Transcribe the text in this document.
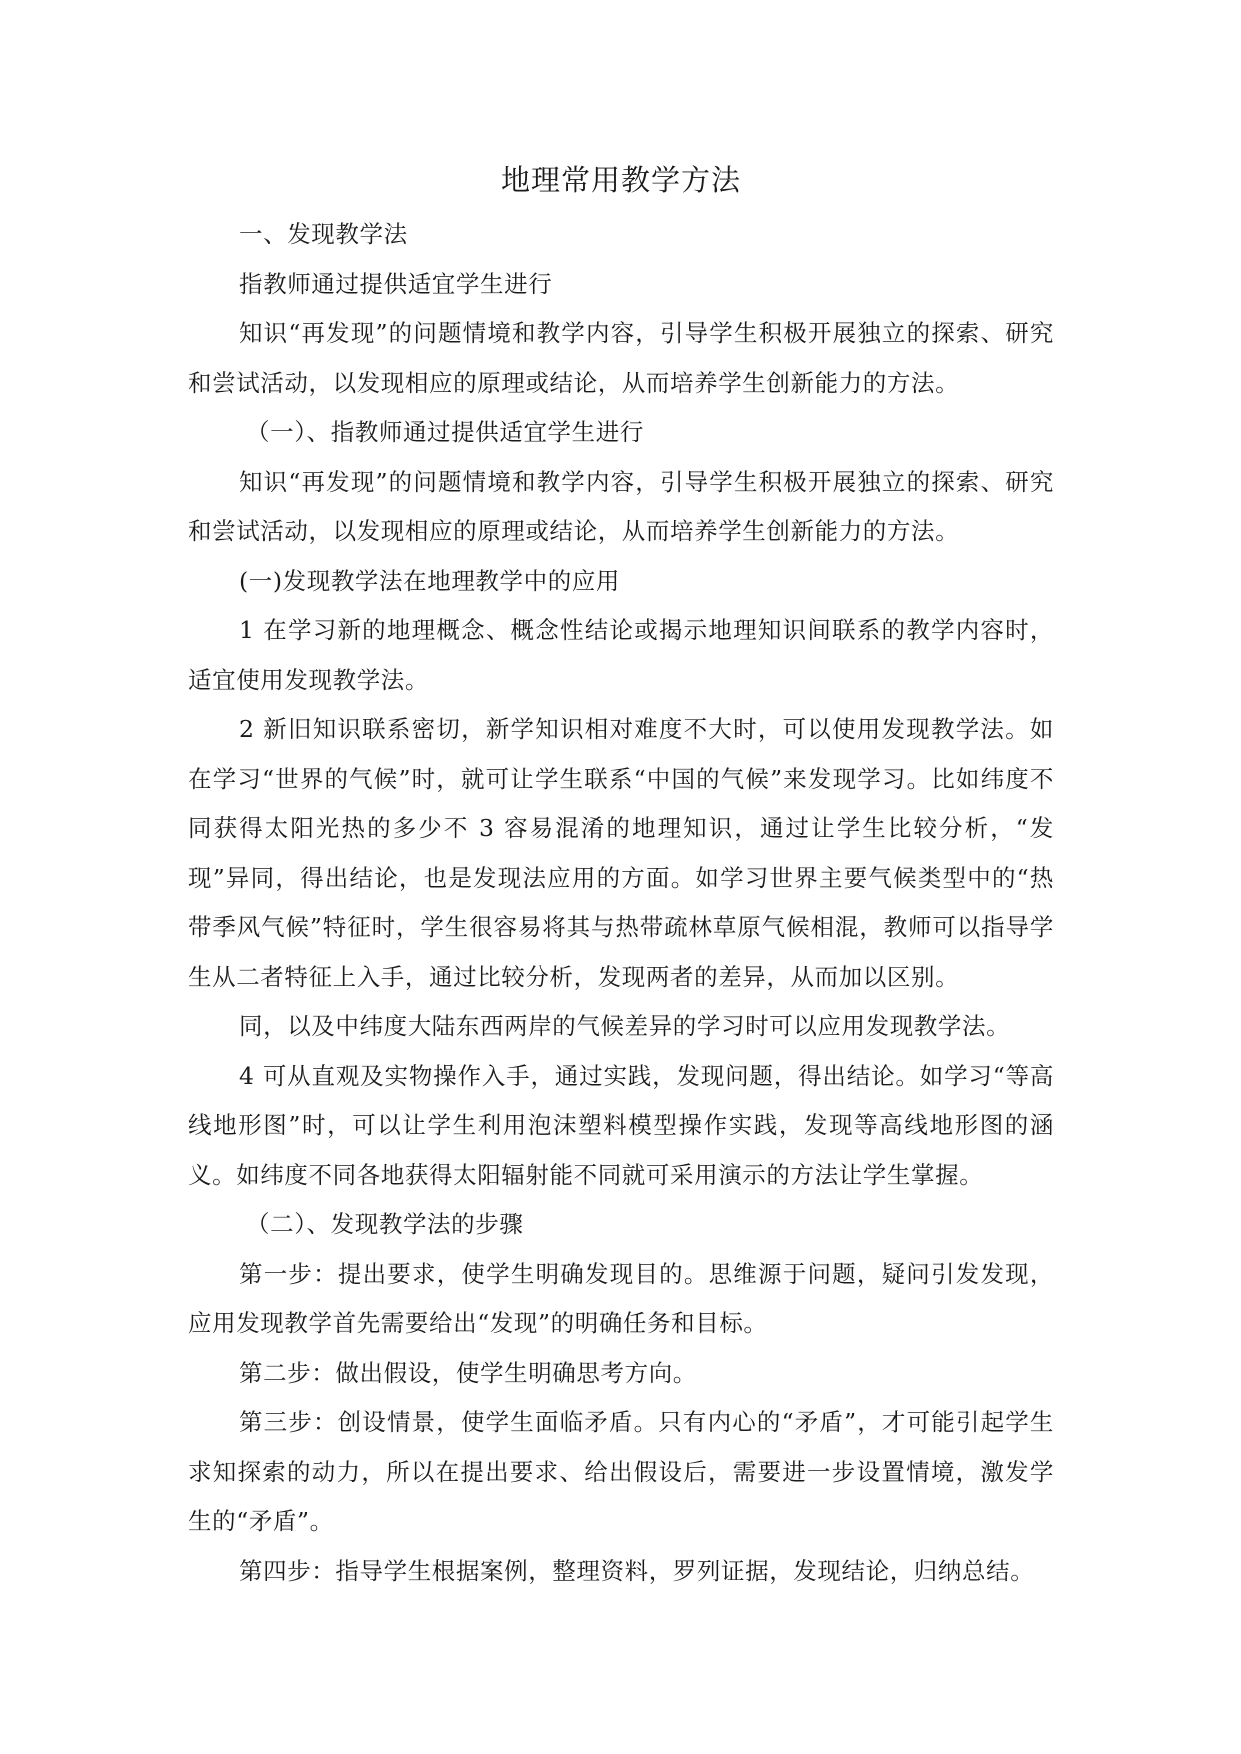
地理常用教学方法

一、发现教学法

指教师通过提供适宜学生进行

知识“再发现”的问题情境和教学内容，引导学生积极开展独立的探索、研究和尝试活动，以发现相应的原理或结论，从而培养学生创新能力的方法。

（一）、指教师通过提供适宜学生进行

知识“再发现”的问题情境和教学内容，引导学生积极开展独立的探索、研究和尝试活动，以发现相应的原理或结论，从而培养学生创新能力的方法。

(一)发现教学法在地理教学中的应用

1 在学习新的地理概念、概念性结论或揭示地理知识间联系的教学内容时，适宜使用发现教学法。

2 新旧知识联系密切，新学知识相对难度不大时，可以使用发现教学法。如在学习“世界的气候”时，就可让学生联系“中国的气候”来发现学习。比如纬度不同获得太阳光热的多少不 3 容易混淆的地理知识，通过让学生比较分析，“发现”异同，得出结论，也是发现法应用的方面。如学习世界主要气候类型中的“热带季风气候”特征时，学生很容易将其与热带疏林草原气候相混，教师可以指导学生从二者特征上入手，通过比较分析，发现两者的差异，从而加以区别。

同，以及中纬度大陆东西两岸的气候差异的学习时可以应用发现教学法。

4 可从直观及实物操作入手，通过实践，发现问题，得出结论。如学习“等高线地形图”时，可以让学生利用泡沫塑料模型操作实践，发现等高线地形图的涵义。如纬度不同各地获得太阳辐射能不同就可采用演示的方法让学生掌握。

（二）、发现教学法的步骤

第一步：提出要求，使学生明确发现目的。思维源于问题，疑问引发发现，应用发现教学首先需要给出“发现”的明确任务和目标。

第二步：做出假设，使学生明确思考方向。

第三步：创设情景，使学生面临矛盾。只有内心的“矛盾”，才可能引起学生求知探索的动力，所以在提出要求、给出假设后，需要进一步设置情境，激发学生的“矛盾”。

第四步：指导学生根据案例，整理资料，罗列证据，发现结论，归纳总结。
